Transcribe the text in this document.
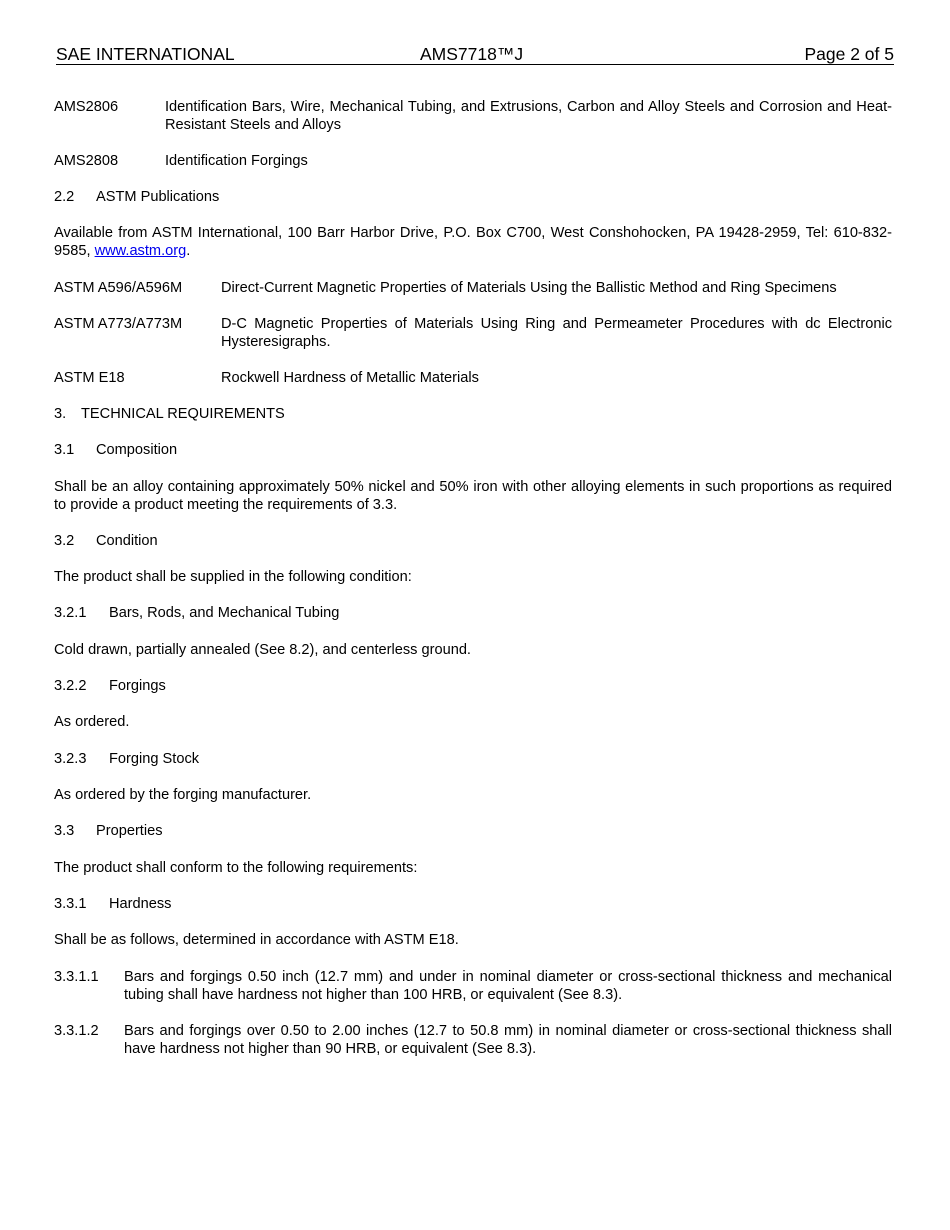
SAE INTERNATIONAL	AMS7718™J	Page 2 of 5
AMS2806	Identification Bars, Wire, Mechanical Tubing, and Extrusions, Carbon and Alloy Steels and Corrosion and Heat-Resistant Steels and Alloys
AMS2808	Identification Forgings
2.2 ASTM Publications
Available from ASTM International, 100 Barr Harbor Drive, P.O. Box C700, West Conshohocken, PA 19428-2959, Tel: 610-832-9585, www.astm.org.
ASTM A596/A596M	Direct-Current Magnetic Properties of Materials Using the Ballistic Method and Ring Specimens
ASTM A773/A773M	D-C Magnetic Properties of Materials Using Ring and Permeameter Procedures with dc Electronic Hysteresigraphs.
ASTM E18	Rockwell Hardness of Metallic Materials
3. TECHNICAL REQUIREMENTS
3.1 Composition
Shall be an alloy containing approximately 50% nickel and 50% iron with other alloying elements in such proportions as required to provide a product meeting the requirements of 3.3.
3.2 Condition
The product shall be supplied in the following condition:
3.2.1 Bars, Rods, and Mechanical Tubing
Cold drawn, partially annealed (See 8.2), and centerless ground.
3.2.2 Forgings
As ordered.
3.2.3 Forging Stock
As ordered by the forging manufacturer.
3.3 Properties
The product shall conform to the following requirements:
3.3.1 Hardness
Shall be as follows, determined in accordance with ASTM E18.
3.3.1.1	Bars and forgings 0.50 inch (12.7 mm) and under in nominal diameter or cross-sectional thickness and mechanical tubing shall have hardness not higher than 100 HRB, or equivalent (See 8.3).
3.3.1.2	Bars and forgings over 0.50 to 2.00 inches (12.7 to 50.8 mm) in nominal diameter or cross-sectional thickness shall have hardness not higher than 90 HRB, or equivalent (See 8.3).
